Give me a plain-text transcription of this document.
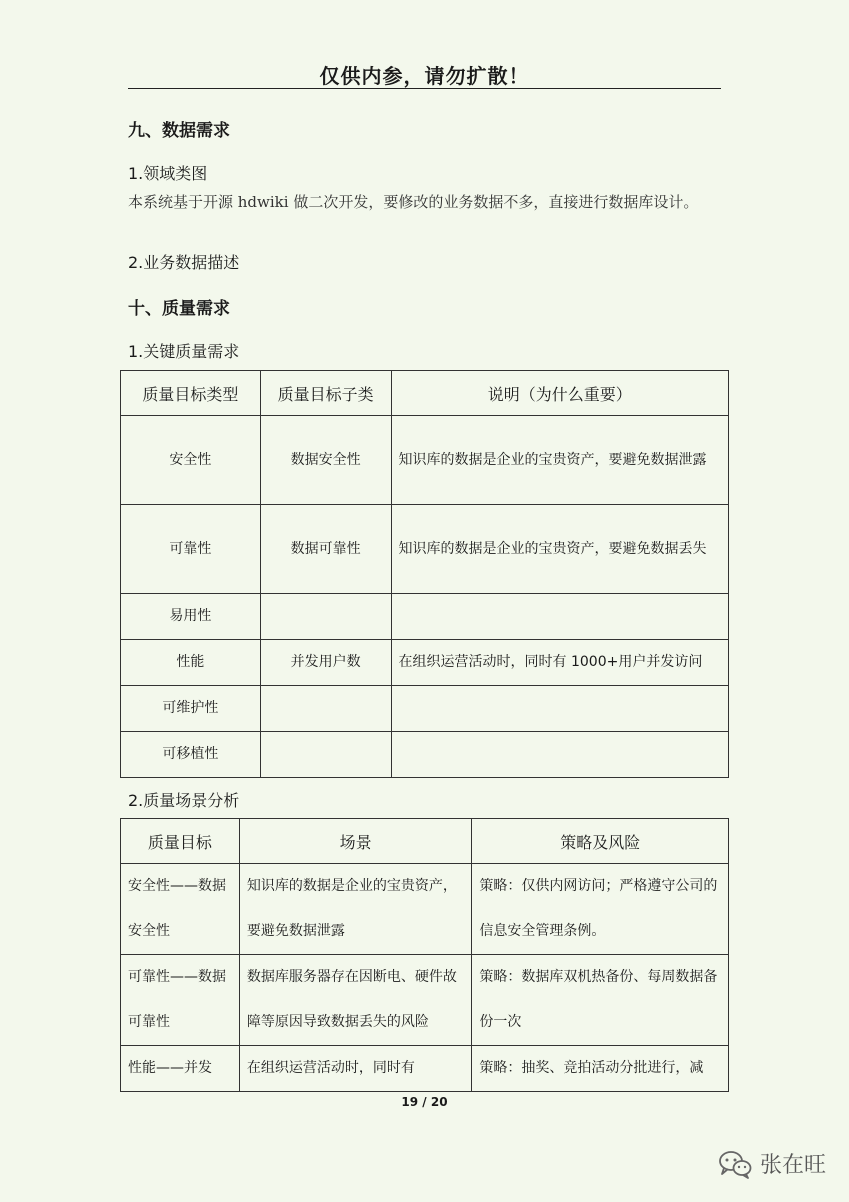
仅供内参，请勿扩散！
九、数据需求
1.领域类图
本系统基于开源 hdwiki 做二次开发，要修改的业务数据不多，直接进行数据库设计。
2.业务数据描述
十、质量需求
1.关键质量需求
质量目标类型	质量目标子类	说明（为什么重要）
安全性	数据安全性	知识库的数据是企业的宝贵资产，要避免数据泄露
可靠性	数据可靠性	知识库的数据是企业的宝贵资产，要避免数据丢失
易用性		
性能	并发用户数	在组织运营活动时，同时有 1000+用户并发访问
可维护性		
可移植性		
2.质量场景分析
质量目标	场景	策略及风险
安全性——数据安全性	知识库的数据是企业的宝贵资产，要避免数据泄露	策略：仅供内网访问；严格遵守公司的信息安全管理条例。
可靠性——数据可靠性	数据库服务器存在因断电、硬件故障等原因导致数据丢失的风险	策略：数据库双机热备份、每周数据备份一次
性能——并发	在组织运营活动时，同时有	策略：抽奖、竞拍活动分批进行，减
19 / 20
张在旺
